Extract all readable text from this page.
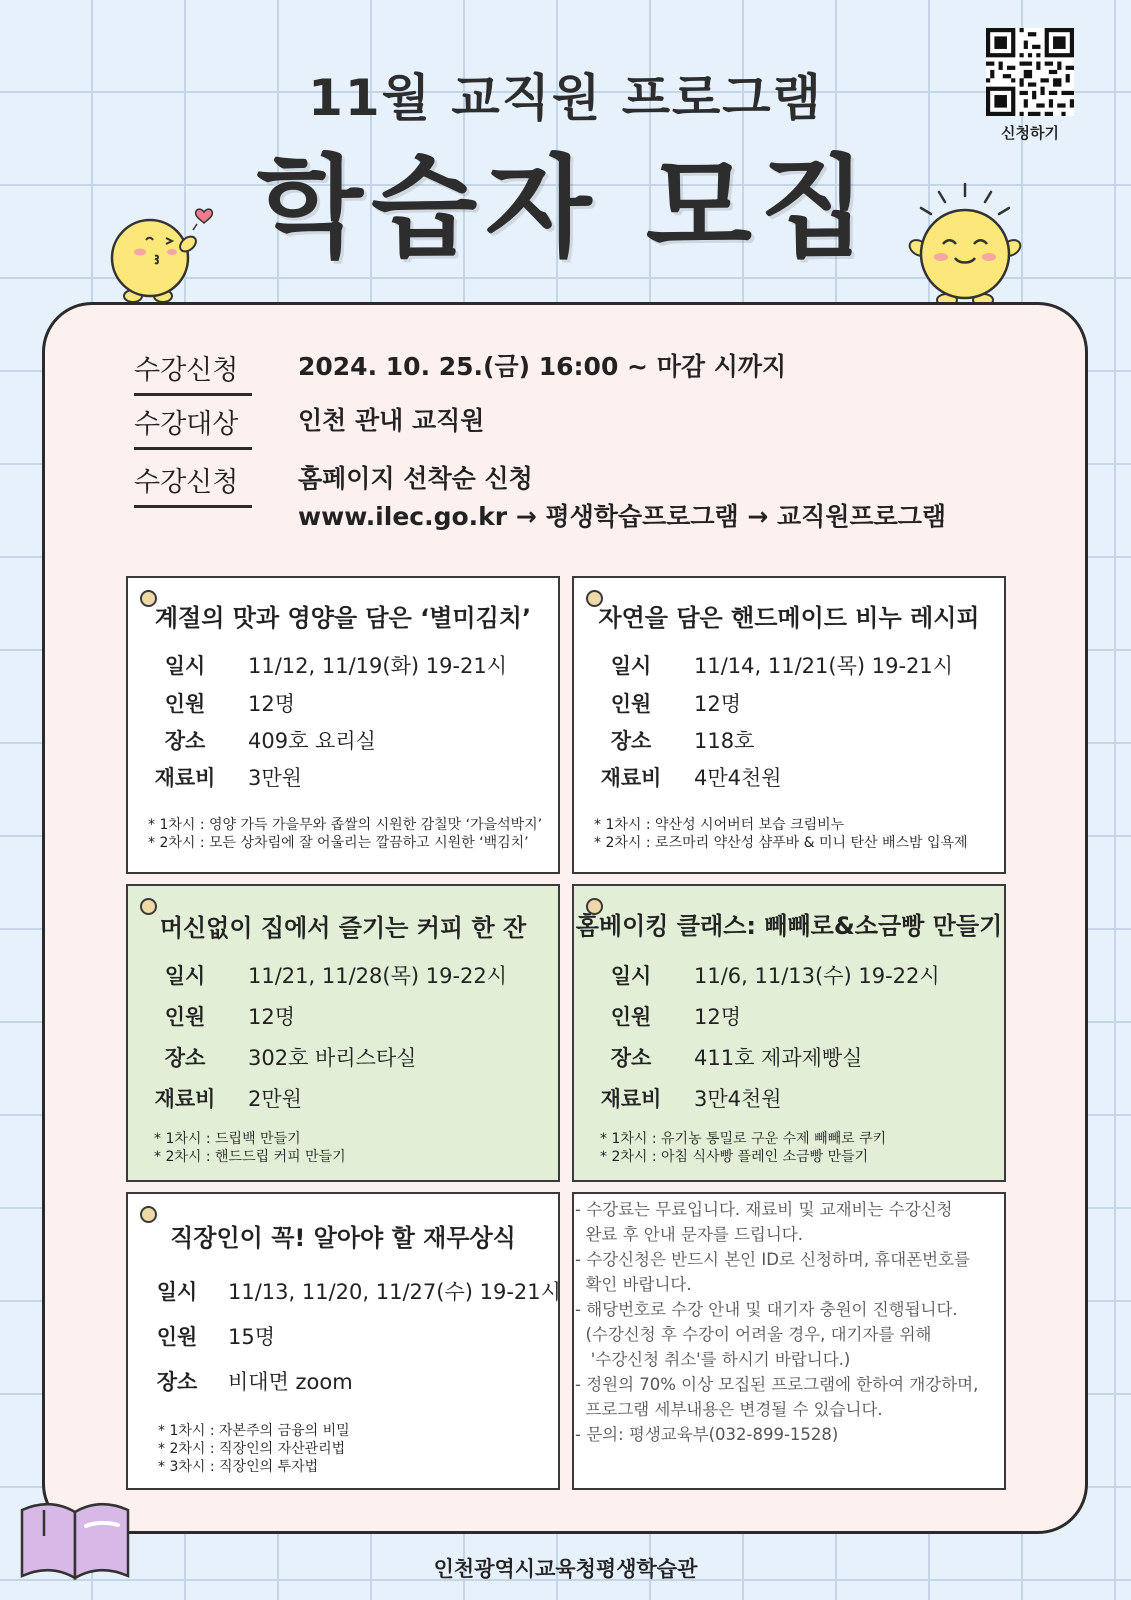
11월 교직원 프로그램
학습자 모집
신청하기
수강신청	2024. 10. 25.(금) 16:00 ~ 마감 시까지
수강대상	인천 관내 교직원
수강신청	홈페이지 선착순 신청
www.ilec.go.kr → 평생학습프로그램 → 교직원프로그램
계절의 맛과 영양을 담은 ‘별미김치’
일시	11/12, 11/19(화) 19-21시
인원	12명
장소	409호 요리실
재료비 3만원
* 1차시 : 영양 가득 가을무와 좁쌀의 시원한 감칠맛 ‘가을석박지’
* 2차시 : 모든 상차림에 잘 어울리는 깔끔하고 시원한 ‘백김치’
자연을 담은 핸드메이드 비누 레시피
일시	11/14, 11/21(목) 19-21시
인원	12명
장소	118호
재료비 4만4천원
* 1차시 : 약산성 시어버터 보습 크림비누
* 2차시 : 로즈마리 약산성 샴푸바 & 미니 탄산 배스밤 입욕제
머신없이 집에서 즐기는 커피 한 잔
일시	11/21, 11/28(목) 19-22시
인원	12명
장소	302호 바리스타실
재료비 2만원
* 1차시 : 드립백 만들기
* 2차시 : 핸드드립 커피 만들기
홈베이킹 클래스: 빼빼로&소금빵 만들기
일시	11/6, 11/13(수) 19-22시
인원	12명
장소	411호 제과제빵실
재료비 3만4천원
* 1차시 : 유기농 통밀로 구운 수제 빼빼로 쿠키
* 2차시 : 아침 식사빵 플레인 소금빵 만들기
직장인이 꼭! 알아야 할 재무상식
일시	11/13, 11/20, 11/27(수) 19-21시
인원	15명
장소	비대면 zoom
* 1차시 : 자본주의 금융의 비밀
* 2차시 : 직장인의 자산관리법
* 3차시 : 직장인의 투자법

- 수강료는 무료입니다. 재료비 및 교재비는 수강신청

완료 후 안내 문자를 드립니다.

- 수강신청은 반드시 본인 ID로 신청하며, 휴대폰번호를

확인 바랍니다.

- 해당번호로 수강 안내 및 대기자 충원이 진행됩니다.

(수강신청 후 수강이 어려울 경우, 대기자를 위해

'수강신청 취소'를 하시기 바랍니다.)

- 정원의 70% 이상 모집된 프로그램에 한하여 개강하며,

프로그램 세부내용은 변경될 수 있습니다.

- 문의: 평생교육부(032-899-1528)

인천광역시교육청평생학습관
